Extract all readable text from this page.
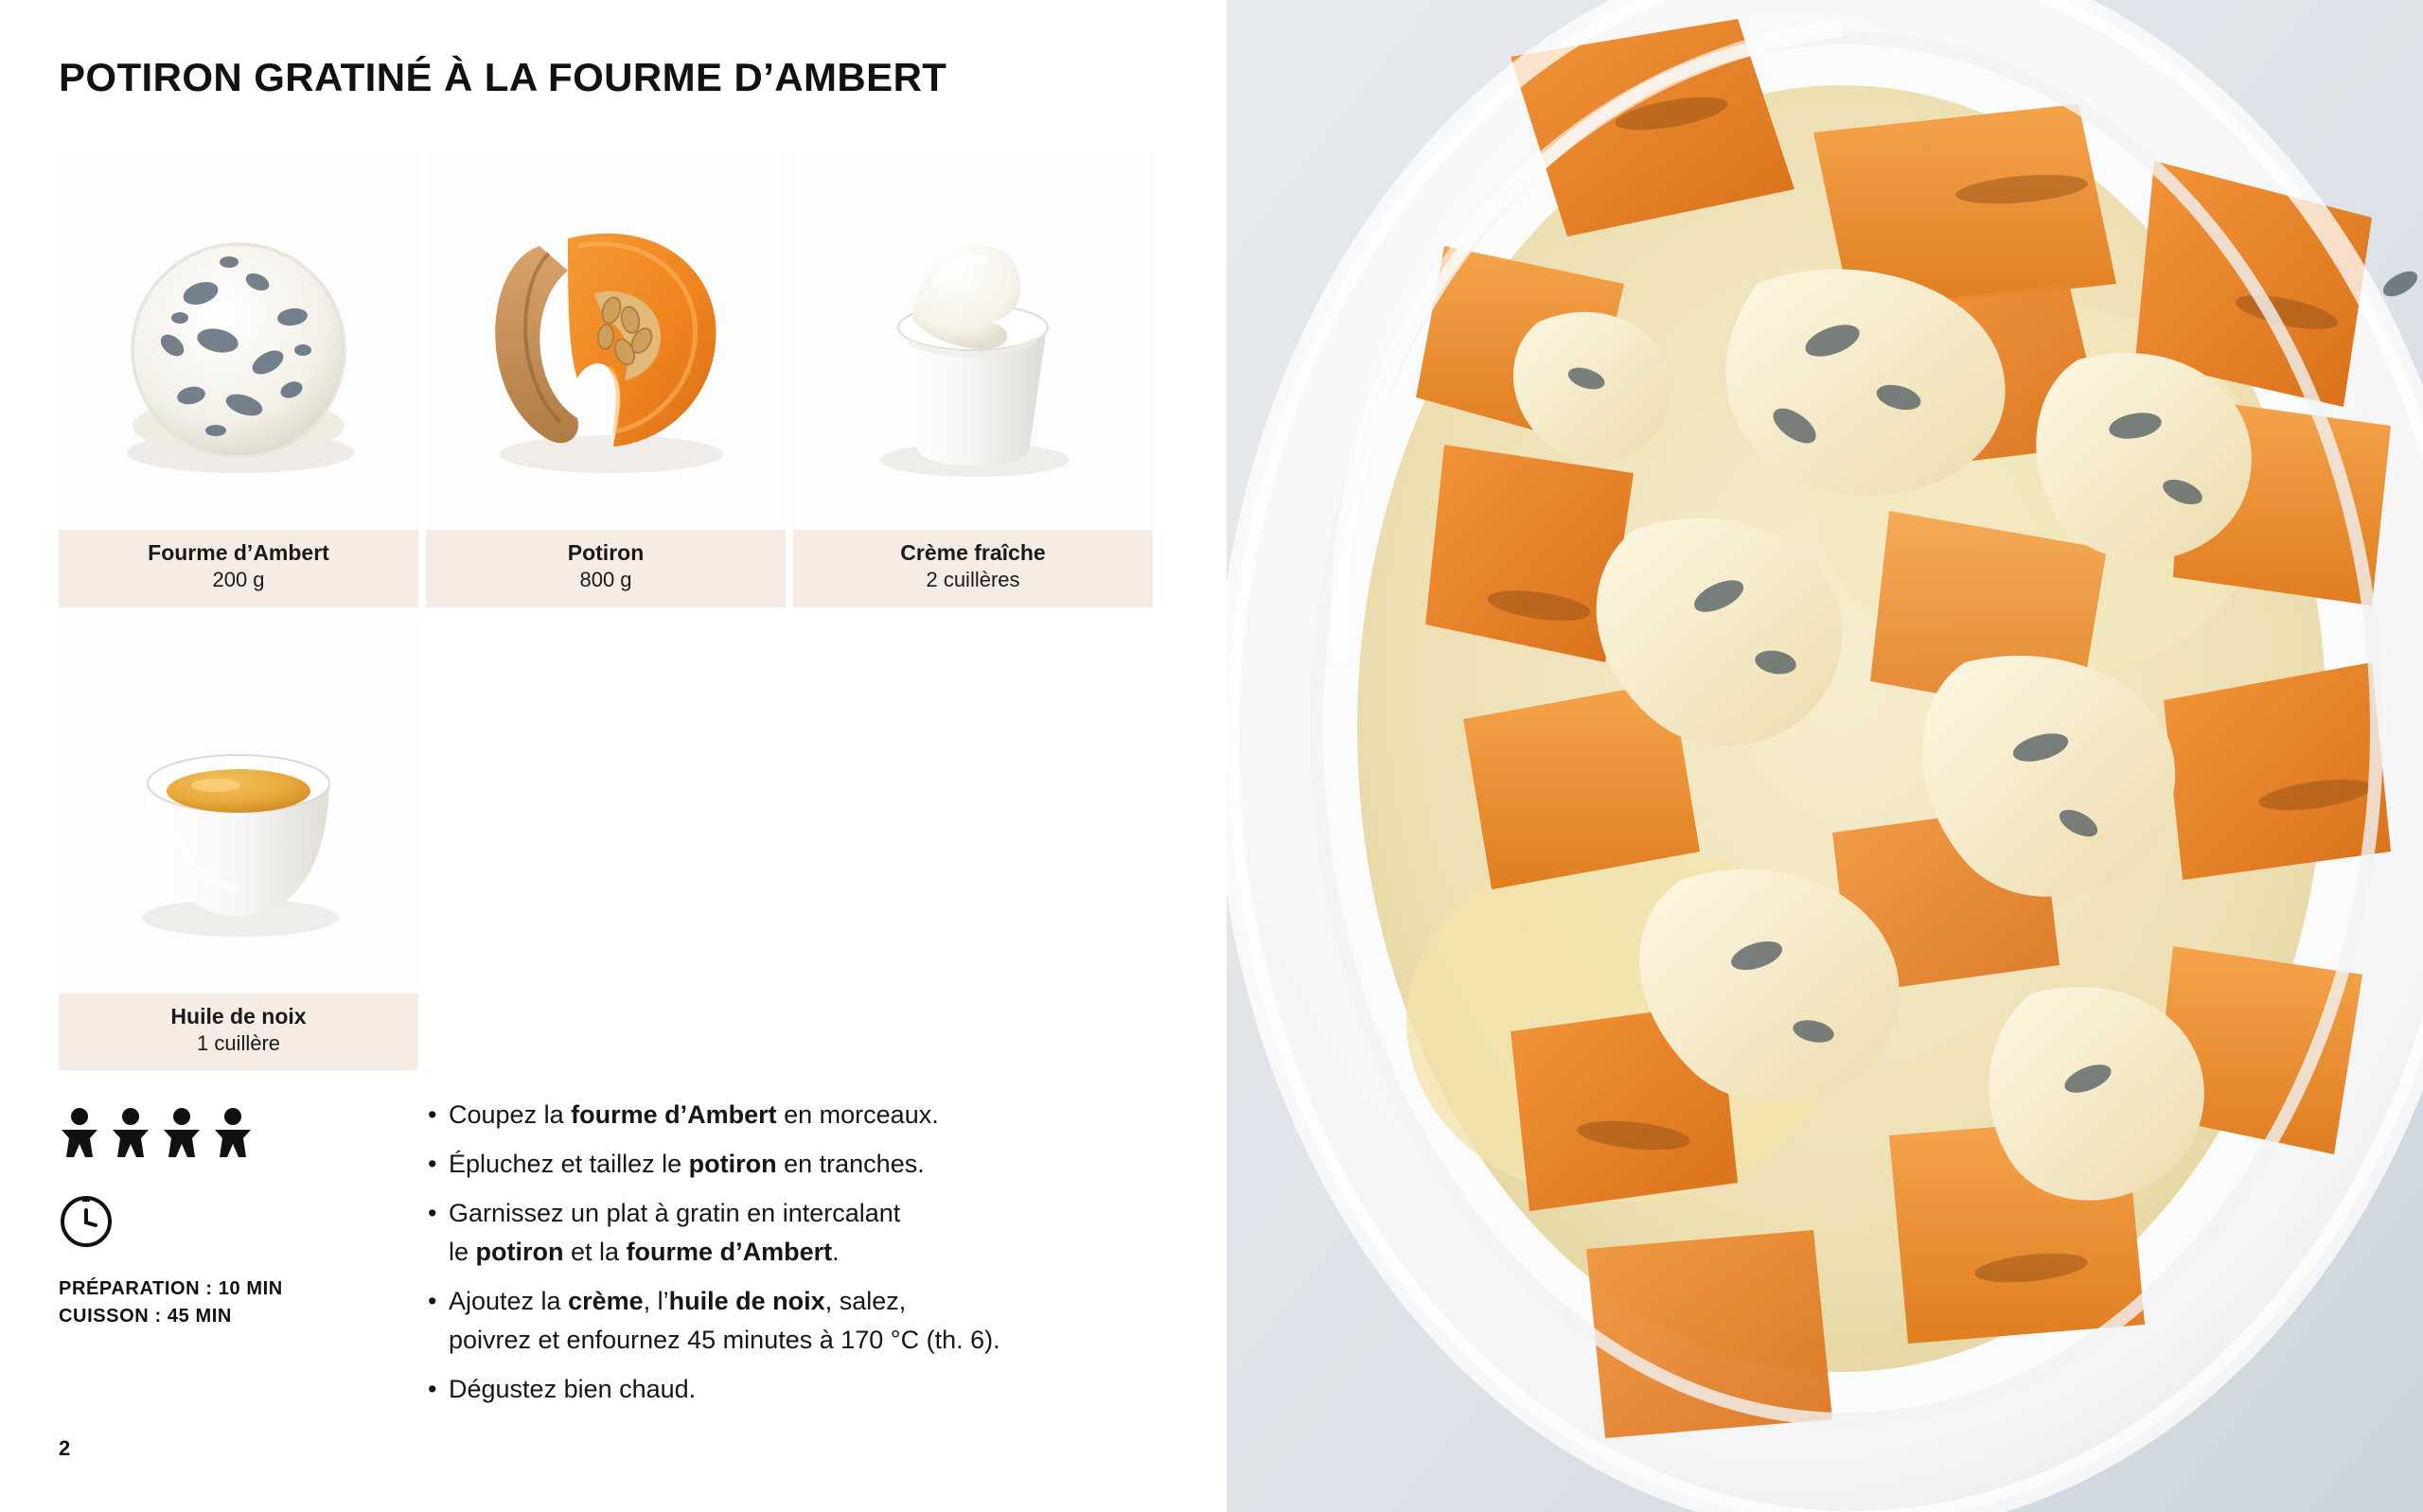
POTIRON GRATINÉ À LA FOURME D’AMBERT
Fourme d’Ambert
200 g
Potiron
800 g
Crème fraîche
2 cuillères
Huile de noix
1 cuillère
PRÉPARATION : 10 MIN
CUISSON : 45 MIN
• Coupez la fourme d’Ambert en morceaux.
• Épluchez et taillez le potiron en tranches.
• Garnissez un plat à gratin en intercalant
le potiron et la fourme d’Ambert.
• Ajoutez la crème, l’huile de noix, salez,
poivrez et enfournez 45 minutes à 170 °C (th. 6).
• Dégustez bien chaud.
2
